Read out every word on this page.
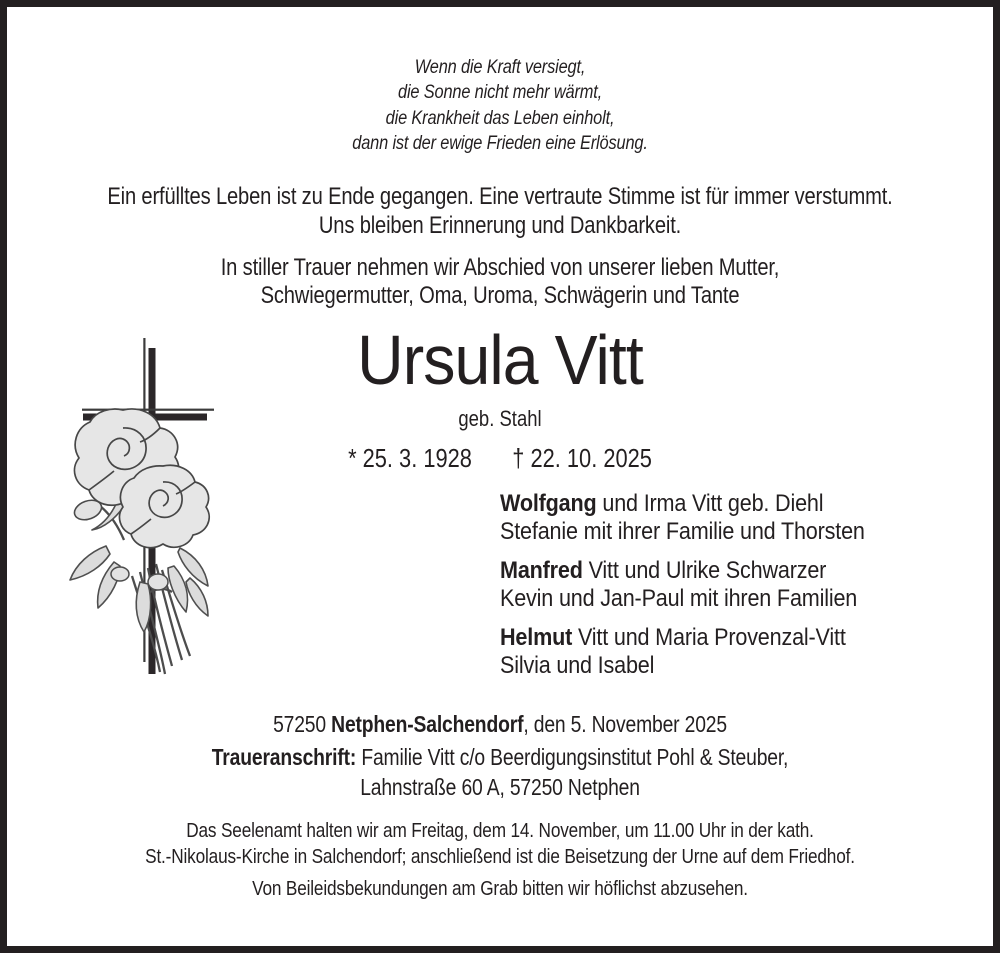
Wenn die Kraft versiegt,
die Sonne nicht mehr wärmt,
die Krankheit das Leben einholt,
dann ist der ewige Frieden eine Erlösung.
Ein erfülltes Leben ist zu Ende gegangen. Eine vertraute Stimme ist für immer verstummt.
Uns bleiben Erinnerung und Dankbarkeit.
In stiller Trauer nehmen wir Abschied von unserer lieben Mutter,
Schwiegermutter, Oma, Uroma, Schwägerin und Tante
Ursula Vitt
geb. Stahl
* 25. 3. 1928 † 22. 10. 2025
Wolfgang und Irma Vitt geb. Diehl
Stefanie mit ihrer Familie und Thorsten
Manfred Vitt und Ulrike Schwarzer
Kevin und Jan-Paul mit ihren Familien
Helmut Vitt und Maria Provenzal-Vitt
Silvia und Isabel
57250 Netphen-Salchendorf, den 5. November 2025
Traueranschrift: Familie Vitt c/o Beerdigungsinstitut Pohl & Steuber,
Lahnstraße 60 A, 57250 Netphen
Das Seelenamt halten wir am Freitag, dem 14. November, um 11.00 Uhr in der kath.
St.-Nikolaus-Kirche in Salchendorf; anschließend ist die Beisetzung der Urne auf dem Friedhof.
Von Beileidsbekundungen am Grab bitten wir höflichst abzusehen.
